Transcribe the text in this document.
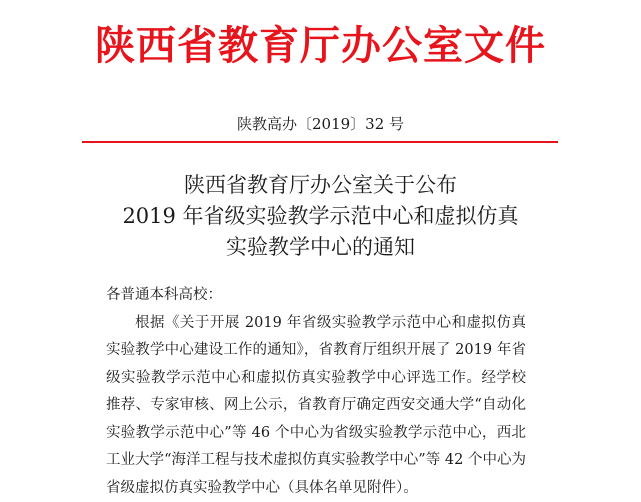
陕西省教育厅办公室文件
陕教高办〔2019〕32 号
陕西省教育厅办公室关于公布
2019 年省级实验教学示范中心和虚拟仿真
实验教学中心的通知

各普通本科高校：

根据《关于开展 2019 年省级实验教学示范中心和虚拟仿真实验教学中心建设工作的通知》，省教育厅组织开展了 2019 年省级实验教学示范中心和虚拟仿真实验教学中心评选工作。经学校推荐、专家审核、网上公示，省教育厅确定西安交通大学“自动化实验教学示范中心”等 46 个中心为省级实验教学示范中心，西北工业大学“海洋工程与技术虚拟仿真实验教学中心”等 42 个中心为省级虚拟仿真实验教学中心（具体名单见附件）。
